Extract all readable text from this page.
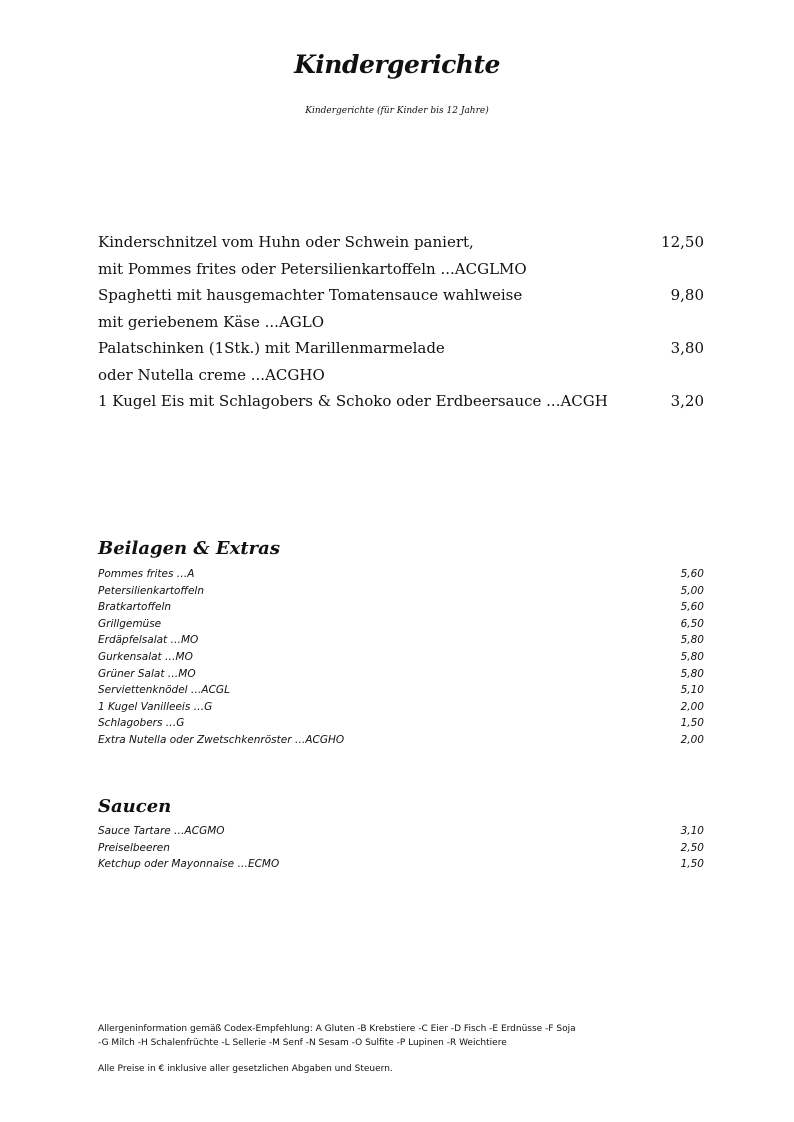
Kindergerichte
Kindergerichte (für Kinder bis 12 Jahre)
Kinderschnitzel vom Huhn oder Schwein paniert,	12,50
mit Pommes frites oder Petersilienkartoffeln ...ACGLMO
Spaghetti mit hausgemachter Tomatensauce wahlweise	9,80
mit geriebenem Käse ...AGLO
Palatschinken (1Stk.) mit Marillenmarmelade	3,80
oder Nutella creme ...ACGHO
1 Kugel Eis mit Schlagobers & Schoko oder Erdbeersauce ...ACGH	3,20
Beilagen & Extras
Pommes frites …A	5,60
Petersilienkartoffeln	5,00
Bratkartoffeln	5,60
Grillgemüse	6,50
Erdäpfelsalat …MO	5,80
Gurkensalat …MO	5,80
Grüner Salat …MO	5,80
Serviettenknödel …ACGL	5,10
1 Kugel Vanilleeis …G	2,00
Schlagobers …G	1,50
Extra Nutella oder Zwetschkenröster …ACGHO	2,00
Saucen
Sauce Tartare …ACGMO	3,10
Preiselbeeren	2,50
Ketchup oder Mayonnaise …ECMO	1,50
Allergeninformation gemäß Codex-Empfehlung: A Gluten -B Krebstiere -C Eier -D Fisch -E Erdnüsse -F Soja
-G Milch -H Schalenfrüchte -L Sellerie -M Senf -N Sesam -O Sulfite -P Lupinen -R Weichtiere
Alle Preise in € inklusive aller gesetzlichen Abgaben und Steuern.
